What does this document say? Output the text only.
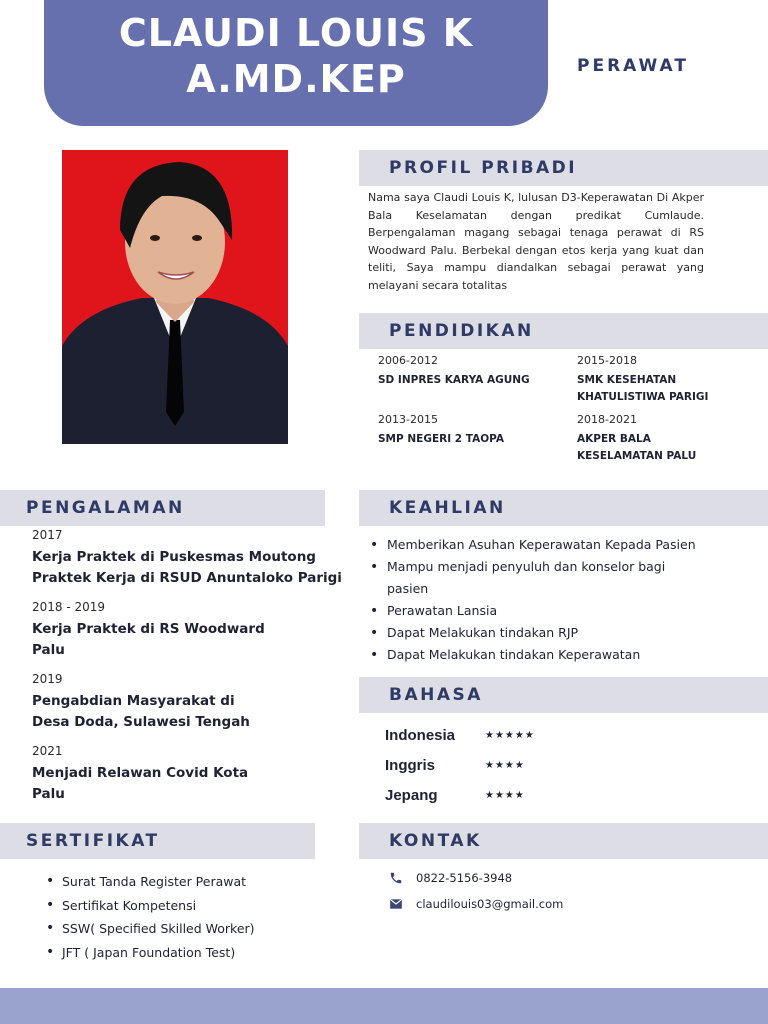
CLAUDI LOUIS K
A.MD.KEP	PERAWAT
PROFIL PRIBADI
Nama saya Claudi Louis K, lulusan D3-Keperawatan Di Akper Bala Keselamatan dengan predikat Cumlaude. Berpengalaman magang sebagai tenaga perawat di RS Woodward Palu. Berbekal dengan etos kerja yang kuat dan teliti, Saya mampu diandalkan sebagai perawat yang melayani secara totalitas
PENDIDIKAN
2006-2012
SD INPRES KARYA AGUNG
2015-2018
SMK KESEHATAN
KHATULISTIWA PARIGI
2013-2015
SMP NEGERI 2 TAOPA
2018-2021
AKPER BALA
KESELAMATAN PALU
PENGALAMAN
2017
Kerja Praktek di Puskesmas Moutong
Praktek Kerja di RSUD Anuntaloko Parigi
2018 - 2019
Kerja Praktek di RS Woodward
Palu
2019
Pengabdian Masyarakat di
Desa Doda, Sulawesi Tengah
2021
Menjadi Relawan Covid Kota
Palu
KEAHLIAN
• Memberikan Asuhan Keperawatan Kepada Pasien
• Mampu menjadi penyuluh dan konselor bagi pasien
• Perawatan Lansia
• Dapat Melakukan tindakan RJP
• Dapat Melakukan tindakan Keperawatan
BAHASA
Indonesia	★★★★★
Inggris	★★★★
Jepang	★★★★
SERTIFIKAT
• Surat Tanda Register Perawat
• Sertifikat Kompetensi
• SSW( Specified Skilled Worker)
• JFT ( Japan Foundation Test)
KONTAK
0822-5156-3948
claudilouis03@gmail.com
